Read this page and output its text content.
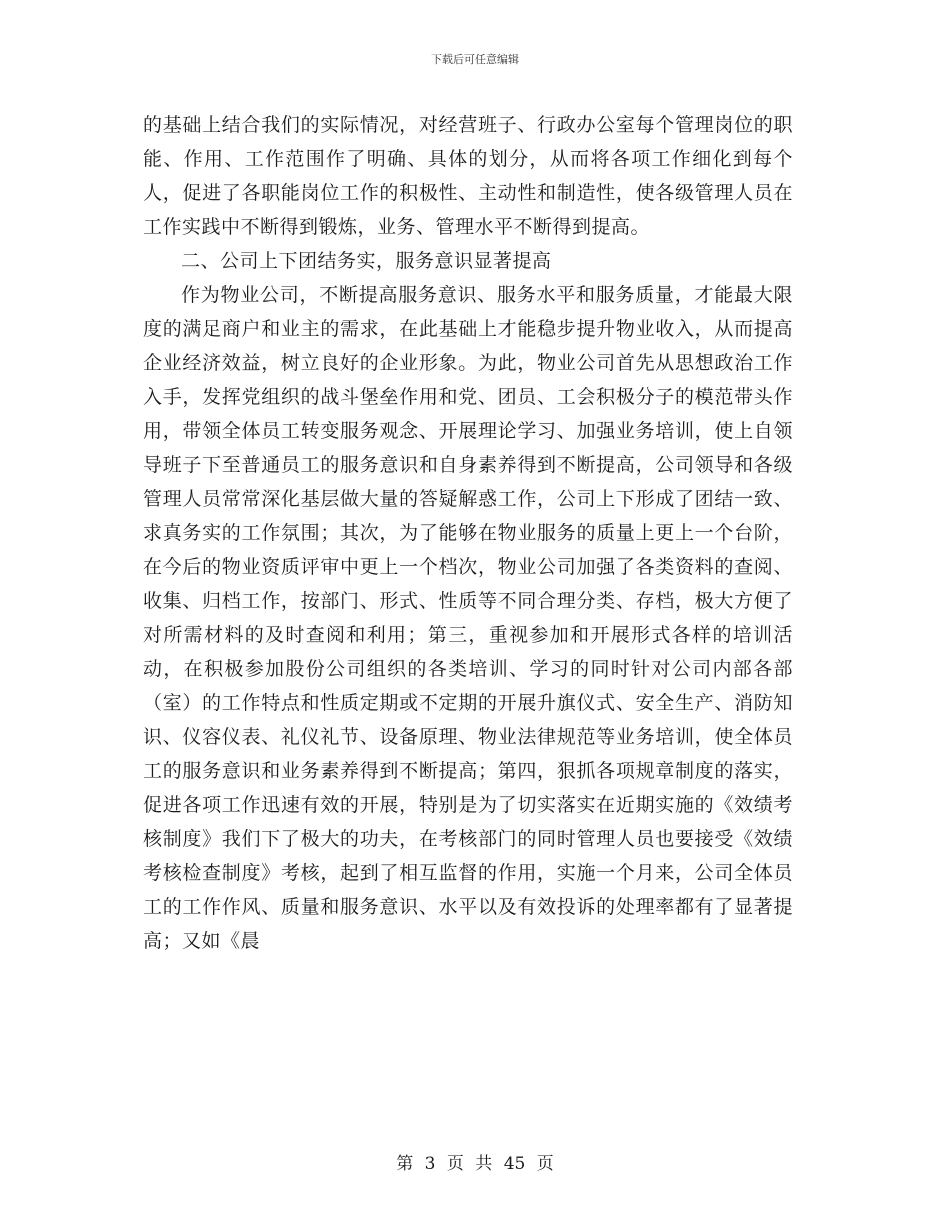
下载后可任意编辑

的基础上结合我们的实际情况，对经营班子、行政办公室每个管理岗位的职能、作用、工作范围作了明确、具体的划分，从而将各项工作细化到每个人，促进了各职能岗位工作的积极性、主动性和制造性，使各级管理人员在工作实践中不断得到锻炼，业务、管理水平不断得到提高。

二、公司上下团结务实，服务意识显著提高

作为物业公司，不断提高服务意识、服务水平和服务质量，才能最大限度的满足商户和业主的需求，在此基础上才能稳步提升物业收入，从而提高企业经济效益，树立良好的企业形象。为此，物业公司首先从思想政治工作入手，发挥党组织的战斗堡垒作用和党、团员、工会积极分子的模范带头作用，带领全体员工转变服务观念、开展理论学习、加强业务培训，使上自领导班子下至普通员工的服务意识和自身素养得到不断提高，公司领导和各级管理人员常常深化基层做大量的答疑解惑工作，公司上下形成了团结一致、求真务实的工作氛围；其次，为了能够在物业服务的质量上更上一个台阶，在今后的物业资质评审中更上一个档次，物业公司加强了各类资料的查阅、收集、归档工作，按部门、形式、性质等不同合理分类、存档，极大方便了对所需材料的及时查阅和利用；第三，重视参加和开展形式各样的培训活动，在积极参加股份公司组织的各类培训、学习的同时针对公司内部各部（室）的工作特点和性质定期或不定期的开展升旗仪式、安全生产、消防知识、仪容仪表、礼仪礼节、设备原理、物业法律规范等业务培训，使全体员工的服务意识和业务素养得到不断提高；第四，狠抓各项规章制度的落实，促进各项工作迅速有效的开展，特别是为了切实落实在近期实施的《效绩考核制度》我们下了极大的功夫，在考核部门的同时管理人员也要接受《效绩考核检查制度》考核，起到了相互监督的作用，实施一个月来，公司全体员工的工作作风、质量和服务意识、水平以及有效投诉的处理率都有了显著提高；又如《晨

第 3 页 共 45 页
